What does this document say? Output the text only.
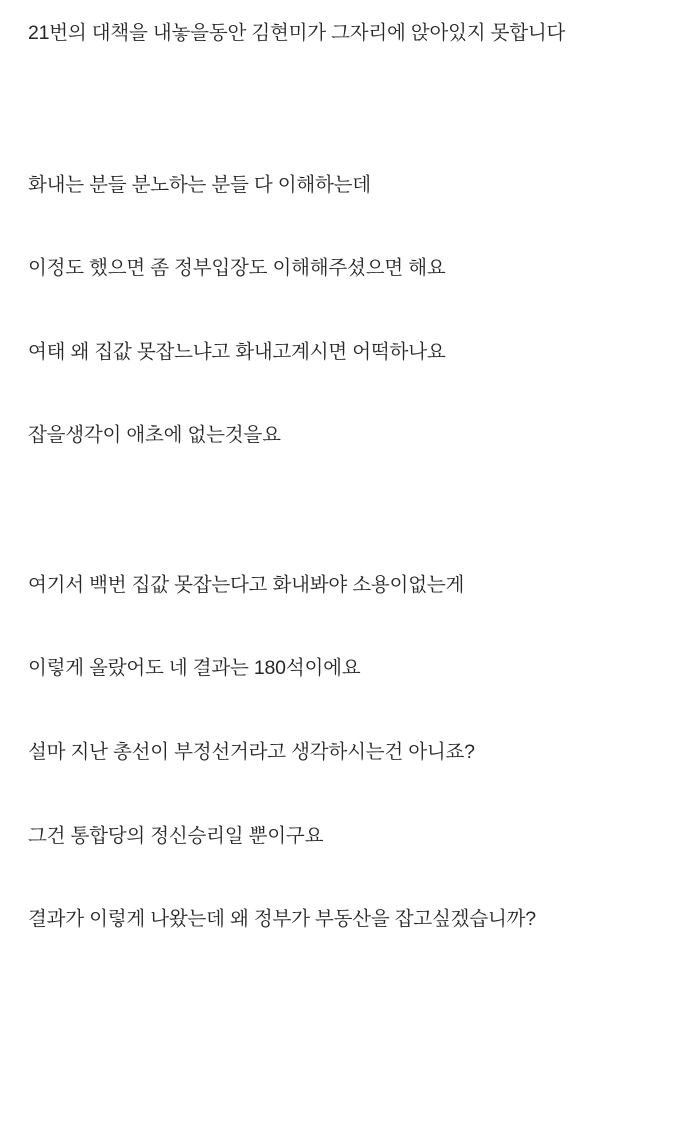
21번의 대책을 내놓을동안 김현미가 그자리에 앉아있지 못합니다

화내는 분들 분노하는 분들 다 이해하는데

이정도 했으면 좀 정부입장도 이해해주셨으면 해요

여태 왜 집값 못잡느냐고 화내고계시면 어떡하나요

잡을생각이 애초에 없는것을요

여기서 백번 집값 못잡는다고 화내봐야 소용이없는게

이렇게 올랐어도 네 결과는 180석이에요

설마 지난 총선이 부정선거라고 생각하시는건 아니죠?

그건 통합당의 정신승리일 뿐이구요

결과가 이렇게 나왔는데 왜 정부가 부동산을 잡고싶겠습니까?
